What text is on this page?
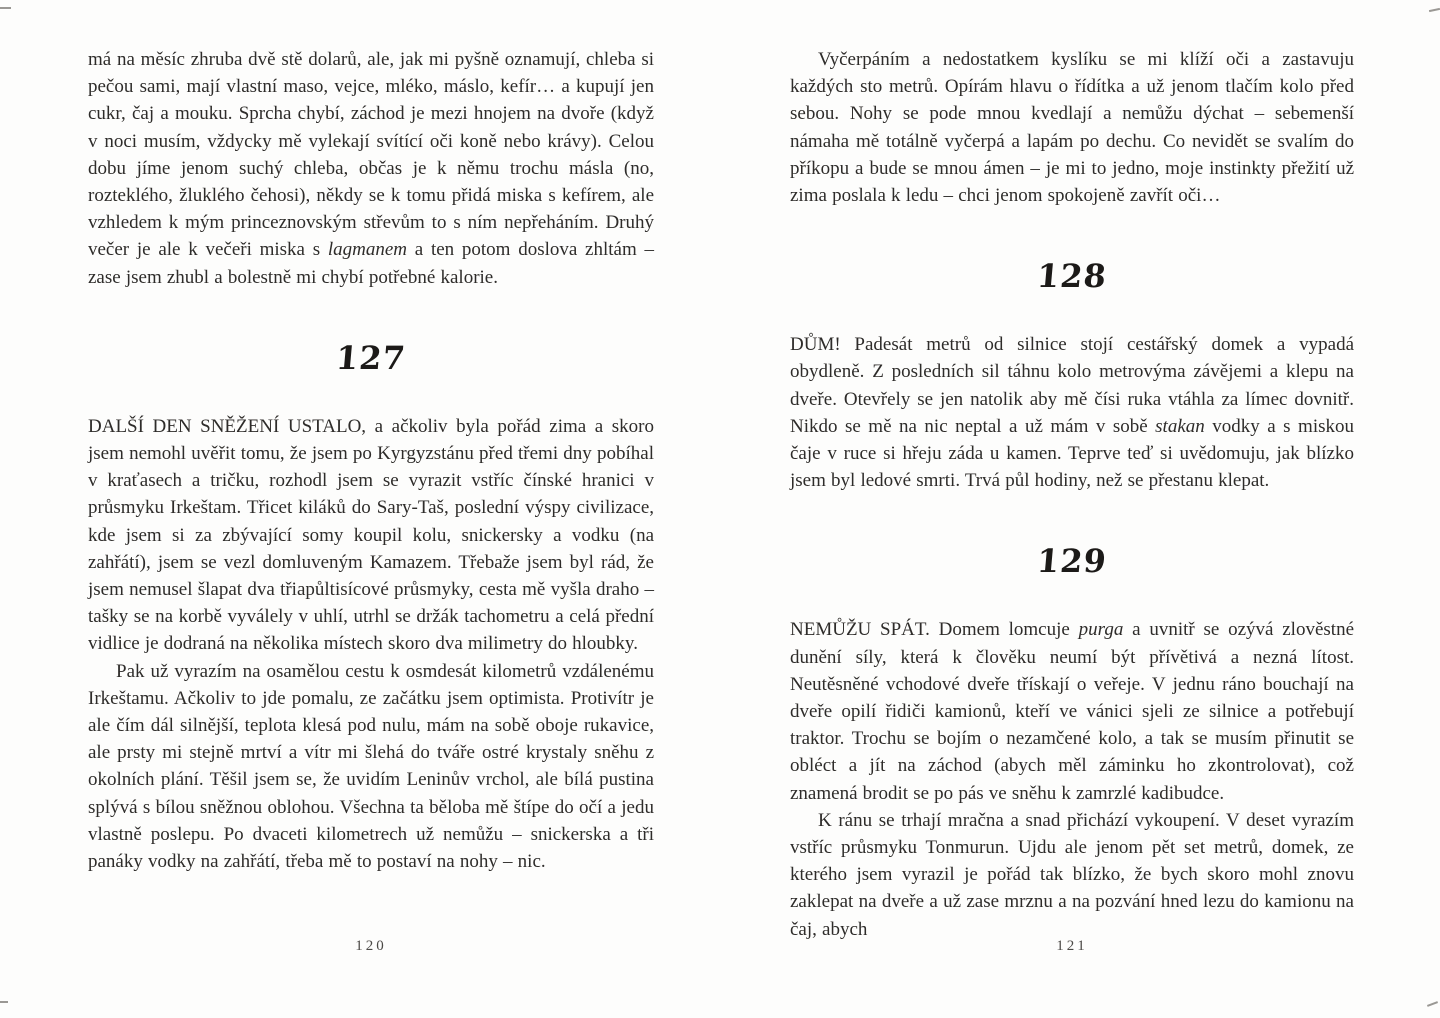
má na měsíc zhruba dvě stě dolarů, ale, jak mi pyšně oznamují, chleba si pečou sami, mají vlastní maso, vejce, mléko, máslo, kefír… a kupují jen cukr, čaj a mouku. Sprcha chybí, záchod je mezi hnojem na dvoře (když v noci musím, vždycky mě vylekají svítící oči koně nebo krávy). Celou dobu jíme jenom suchý chleba, občas je k němu trochu másla (no, rozteklého, žluklého čehosi), někdy se k tomu přidá miska s kefírem, ale vzhledem k mým princeznovským střevům to s ním nepřeháním. Druhý večer je ale k večeři miska s lagmanem a ten potom doslova zhltám – zase jsem zhubl a bolestně mi chybí potřebné kalorie.

127

DALŠÍ DEN SNĚŽENÍ USTALO, a ačkoliv byla pořád zima a skoro jsem nemohl uvěřit tomu, že jsem po Kyrgyzstánu před třemi dny pobíhal v kraťasech a tričku, rozhodl jsem se vyrazit vstříc čínské hranici v průsmyku Irkeštam. Třicet kiláků do Sary-Taš, poslední výspy civilizace, kde jsem si za zbývající somy koupil kolu, snickersky a vodku (na zahřátí), jsem se vezl domluveným Kamazem. Třebaže jsem byl rád, že jsem nemusel šlapat dva třiapůltisícové průsmyky, cesta mě vyšla draho – tašky se na korbě vyválely v uhlí, utrhl se držák tachometru a celá přední vidlice je dodraná na několika místech skoro dva milimetry do hloubky.

Pak už vyrazím na osamělou cestu k osmdesát kilometrů vzdálenému Irkeštamu. Ačkoliv to jde pomalu, ze začátku jsem optimista. Protivítr je ale čím dál silnější, teplota klesá pod nulu, mám na sobě oboje rukavice, ale prsty mi stejně mrtví a vítr mi šlehá do tváře ostré krystaly sněhu z okolních plání. Těšil jsem se, že uvidím Leninův vrchol, ale bílá pustina splývá s bílou sněžnou oblohou. Všechna ta běloba mě štípe do očí a jedu vlastně poslepu. Po dvaceti kilometrech už nemůžu – snickerska a tři panáky vodky na zahřátí, třeba mě to postaví na nohy – nic.

120

Vyčerpáním a nedostatkem kyslíku se mi klíží oči a zastavuju každých sto metrů. Opírám hlavu o řídítka a už jenom tlačím kolo před sebou. Nohy se pode mnou kvedlají a nemůžu dýchat – sebemenší námaha mě totálně vyčerpá a lapám po dechu. Co nevidět se svalím do příkopu a bude se mnou ámen – je mi to jedno, moje instinkty přežití už zima poslala k ledu – chci jenom spokojeně zavřít oči…

128

DŮM! Padesát metrů od silnice stojí cestářský domek a vypadá obydleně. Z posledních sil táhnu kolo metrovýma závějemi a klepu na dveře. Otevřely se jen natolik aby mě čísi ruka vtáhla za límec dovnitř. Nikdo se mě na nic neptal a už mám v sobě stakan vodky a s miskou čaje v ruce si hřeju záda u kamen. Teprve teď si uvědomuju, jak blízko jsem byl ledové smrti. Trvá půl hodiny, než se přestanu klepat.

129

NEMŮŽU SPÁT. Domem lomcuje purga a uvnitř se ozývá zlověstné dunění síly, která k člověku neumí být přívětivá a nezná lítost. Neutěsněné vchodové dveře třískají o veřeje. V jednu ráno bouchají na dveře opilí řidiči kamionů, kteří ve vánici sjeli ze silnice a potřebují traktor. Trochu se bojím o nezamčené kolo, a tak se musím přinutit se obléct a jít na záchod (abych měl záminku ho zkontrolovat), což znamená brodit se po pás ve sněhu k zamrzlé kadibudce.

K ránu se trhají mračna a snad přichází vykoupení. V deset vyrazím vstříc průsmyku Tonmurun. Ujdu ale jenom pět set metrů, domek, ze kterého jsem vyrazil je pořád tak blízko, že bych skoro mohl znovu zaklepat na dveře a už zase mrznu a na pozvání hned lezu do kamionu na čaj, abych

121
